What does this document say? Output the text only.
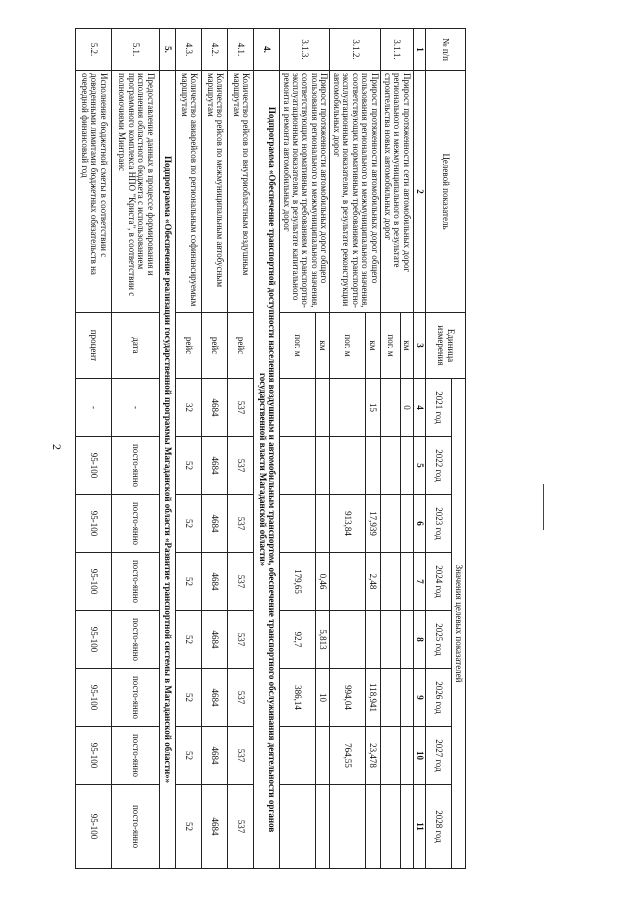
2
№ п/п	Целевой показатель	Единица измерения	Значения целевых показателей							
			2021 год	2022 год	2023 год	2024 год	2025 год	2026 год	2027 год	2028 год
1	2	3	4	5	6	7	8	9	10	11
3.1.1.	Прирост протяженности сети автомобильных дорог регионального и межмуниципального в результате строительства новых автомобильных дорог	км	0							
		пог. м								
3.1.2.	Прирост протяженности автомобильных дорог общего пользования регионального и межмуниципального значения, соответствующих нормативным требованиям к транспортно-эксплуатационным показателям, в результате реконструкции автомобильных дорог	км	15		17,939	2,48		118,941	23,478	
		пог. м			913,84			994,04	764,55	
3.1.3.	Прирост протяженности автомобильных дорог общего пользования регионального и межмуниципального значения, соответствующих нормативным требованиям к транспортно-эксплуатационным показателям, в результате капитального ремонта и ремонта автомобильных дорог	км				0,46	5,813	10		
		пог. м				179,65	92,7	386,14		
4.	Подпрограмма «Обеспечение транспортной доступности населения воздушным и автомобильным транспортом, обеспечение транспортного обслуживания деятельности органов государственной власти Магаданской области»									
4.1.	Количество рейсов по внутриобластным воздушным маршрутам	рейс	537	537	537	537	537	537	537	537
4.2.	Количество рейсов по межмуниципальным автобусным маршрутам	рейс	4684	4684	4684	4684	4684	4684	4684	4684
4.3.	Количество авиарейсов по региональным софинансируемым маршрутам	рейс	32	52	52	52	52	52	52	52
5.	Подпрограмма «Обеспечение реализации государственной программы Магаданской области «Развитие транспортной системы в Магаданской области»»									
5.1.	Предоставление данных в процессе формирования и исполнения областного бюджета с использованием программного комплекса НПО "Криста", в соответствии с полномочиями Минтранс	дата	-	посто-янно	посто-янно	посто-янно	посто-янно	посто-янно	посто-янно	посто-янно
5.2.	Исполнение бюджетной сметы в соответствии с доведенными лимитами бюджетных обязательств на очередной финансовый год	процент	-	95-100	95-100	95-100	95-100	95-100	95-100	95-100
